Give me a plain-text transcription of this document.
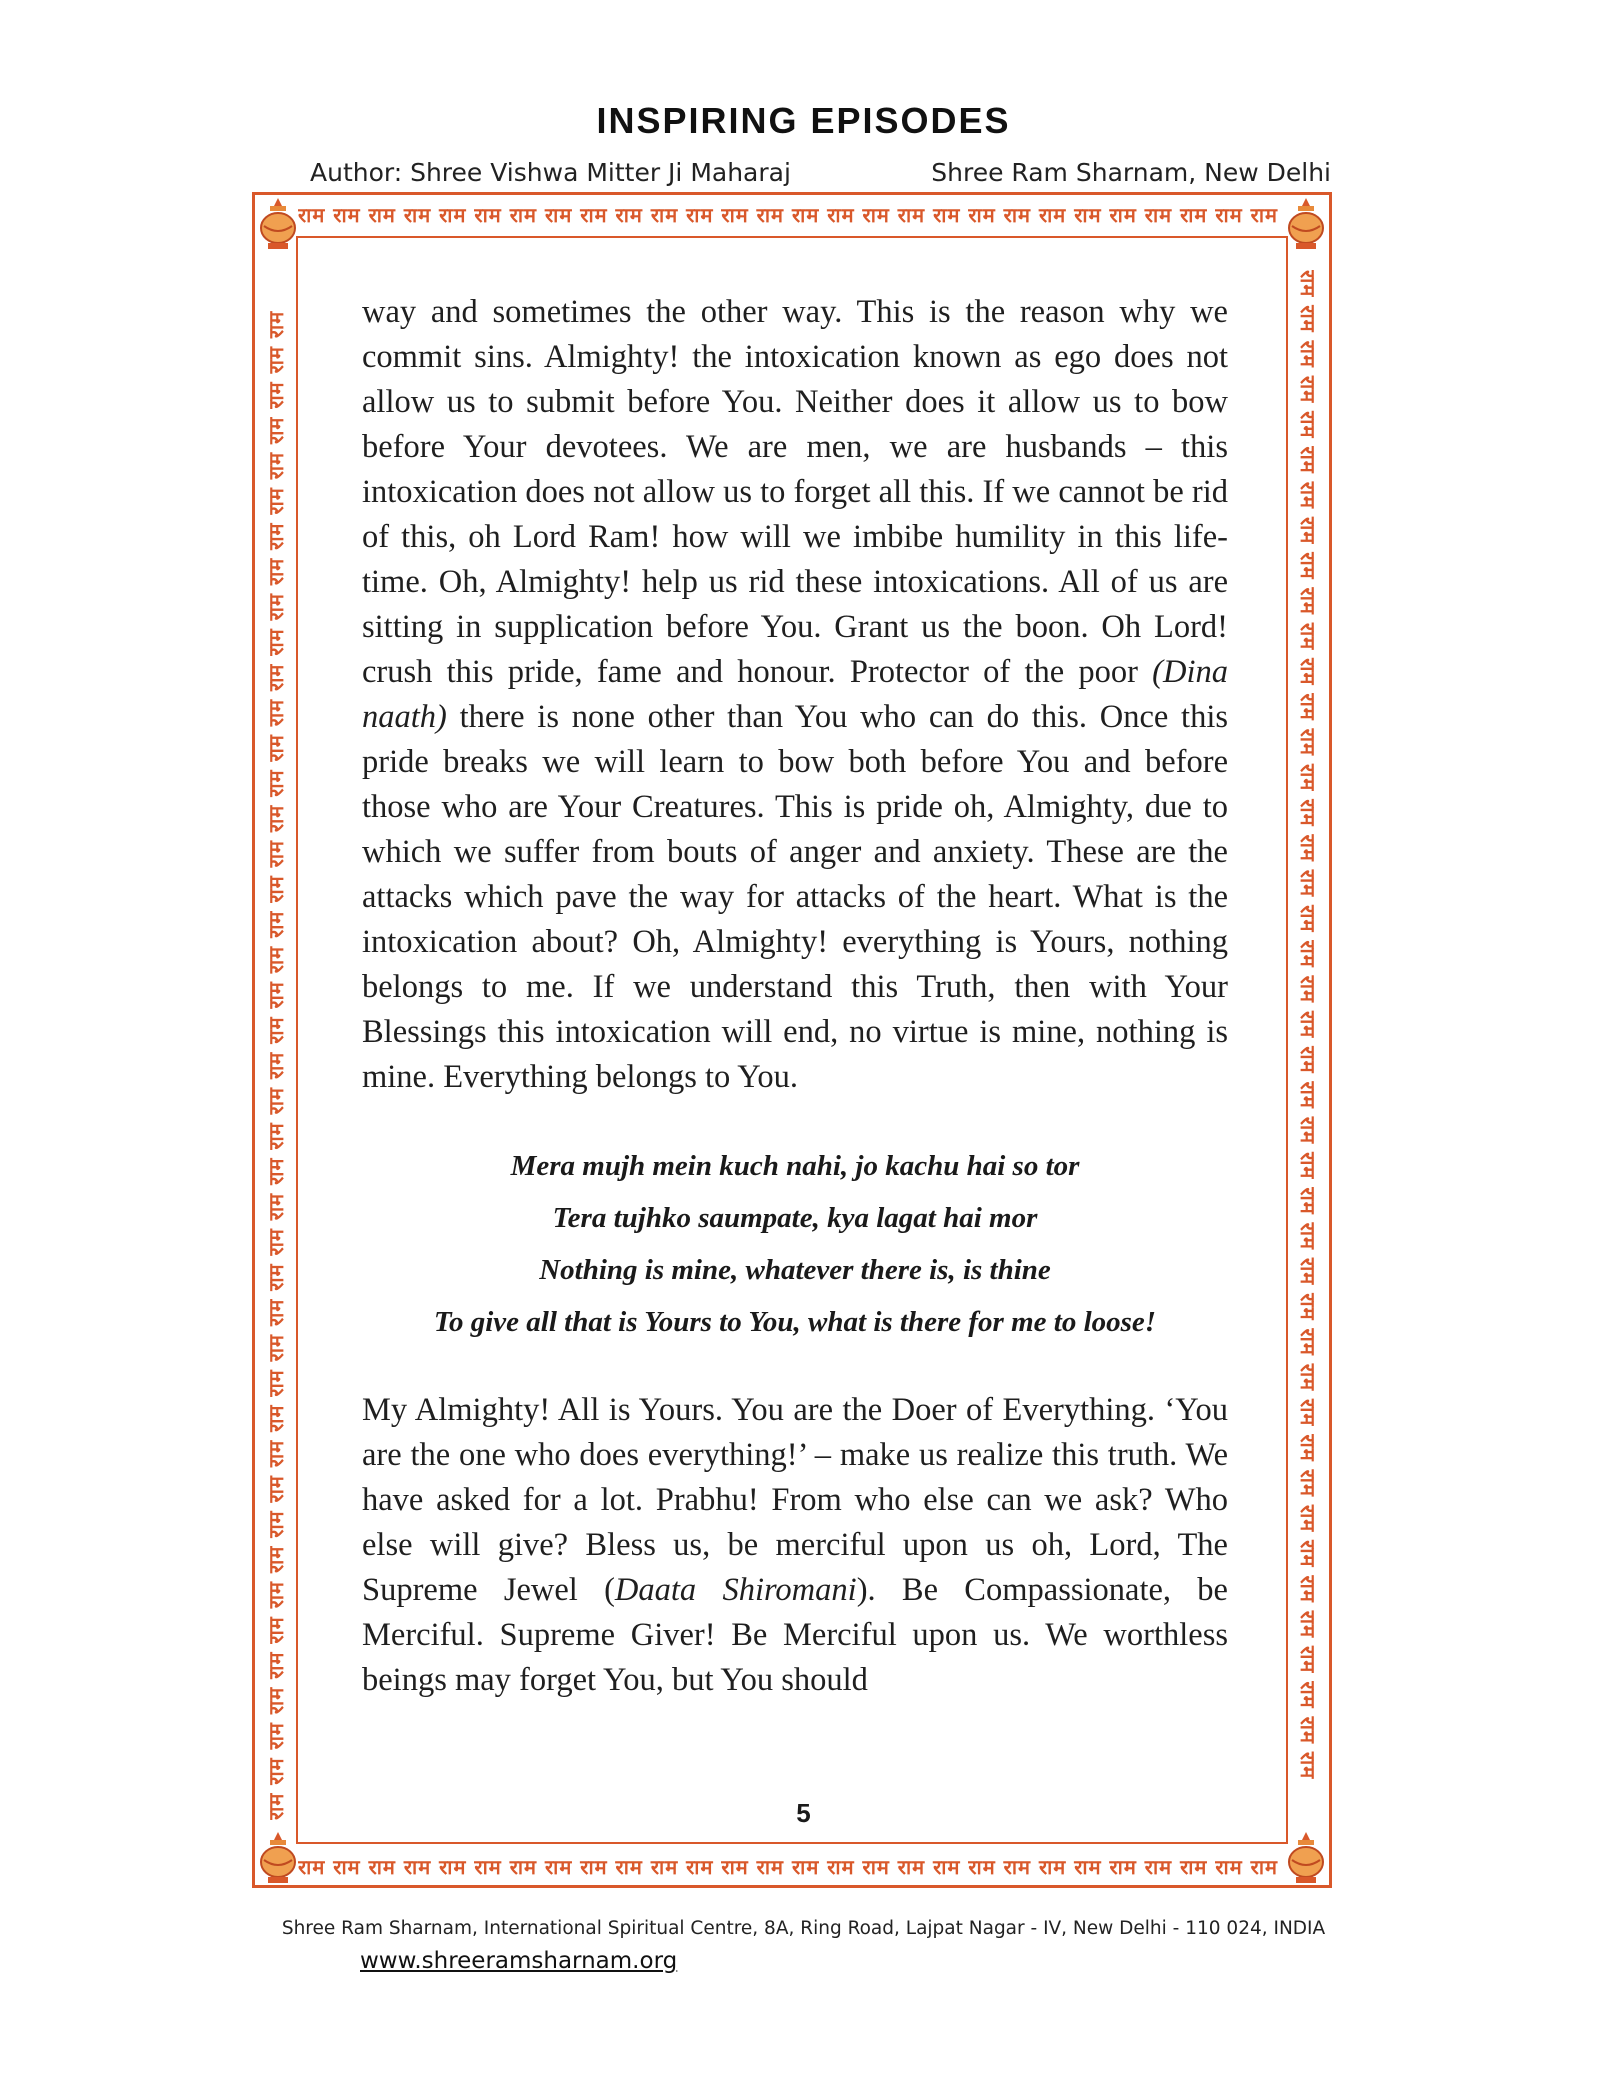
INSPIRING EPISODES
Author: Shree Vishwa Mitter Ji Maharaj	Shree Ram Sharnam, New Delhi
राम राम राम राम राम राम राम राम राम राम राम राम राम राम राम राम राम राम राम राम राम राम राम राम राम राम राम राम
राम राम राम राम राम राम राम राम राम राम राम राम राम राम राम राम राम राम राम राम राम राम राम राम राम राम राम राम
राम राम राम राम राम राम राम राम राम राम राम राम राम राम राम राम राम राम राम राम राम राम राम राम राम राम राम राम राम राम राम राम राम राम राम राम राम राम राम राम राम राम राम	राम राम राम राम राम राम राम राम राम राम राम राम राम राम राम राम राम राम राम राम राम राम राम राम राम राम राम राम राम राम राम राम राम राम राम राम राम राम राम राम राम राम राम

way and sometimes the other way. This is the reason why we commit sins. Almighty! the intoxication known as ego does not allow us to submit before You. Neither does it allow us to bow before Your devotees. We are men, we are husbands – this intoxication does not allow us to forget all this. If we cannot be rid of this, oh Lord Ram! how will we imbibe humility in this life-time. Oh, Almighty! help us rid these intoxications. All of us are sitting in supplication before You. Grant us the boon. Oh Lord! crush this pride, fame and honour. Protector of the poor (Dina naath) there is none other than You who can do this. Once this pride breaks we will learn to bow both before You and before those who are Your Creatures. This is pride oh, Almighty, due to which we suffer from bouts of anger and anxiety. These are the attacks which pave the way for attacks of the heart. What is the intoxication about? Oh, Almighty! everything is Yours, nothing belongs to me. If we understand this Truth, then with Your Blessings this intoxication will end, no virtue is mine, nothing is mine. Everything belongs to You.

Mera mujh mein kuch nahi, jo kachu hai so tor

Tera tujhko saumpate, kya lagat hai mor

Nothing is mine, whatever there is, is thine

To give all that is Yours to You, what is there for me to loose!

My Almighty! All is Yours. You are the Doer of Everything. ‘You are the one who does everything!’ – make us realize this truth. We have asked for a lot. Prabhu! From who else can we ask? Who else will give? Bless us, be merciful upon us oh, Lord, The Supreme Jewel (Daata Shiromani). Be Compassionate, be Merciful. Supreme Giver! Be Merciful upon us. We worthless beings may forget You, but You should

5
Shree Ram Sharnam, International Spiritual Centre, 8A, Ring Road, Lajpat Nagar - IV, New Delhi - 110 024, INDIA
www.shreeramsharnam.org
